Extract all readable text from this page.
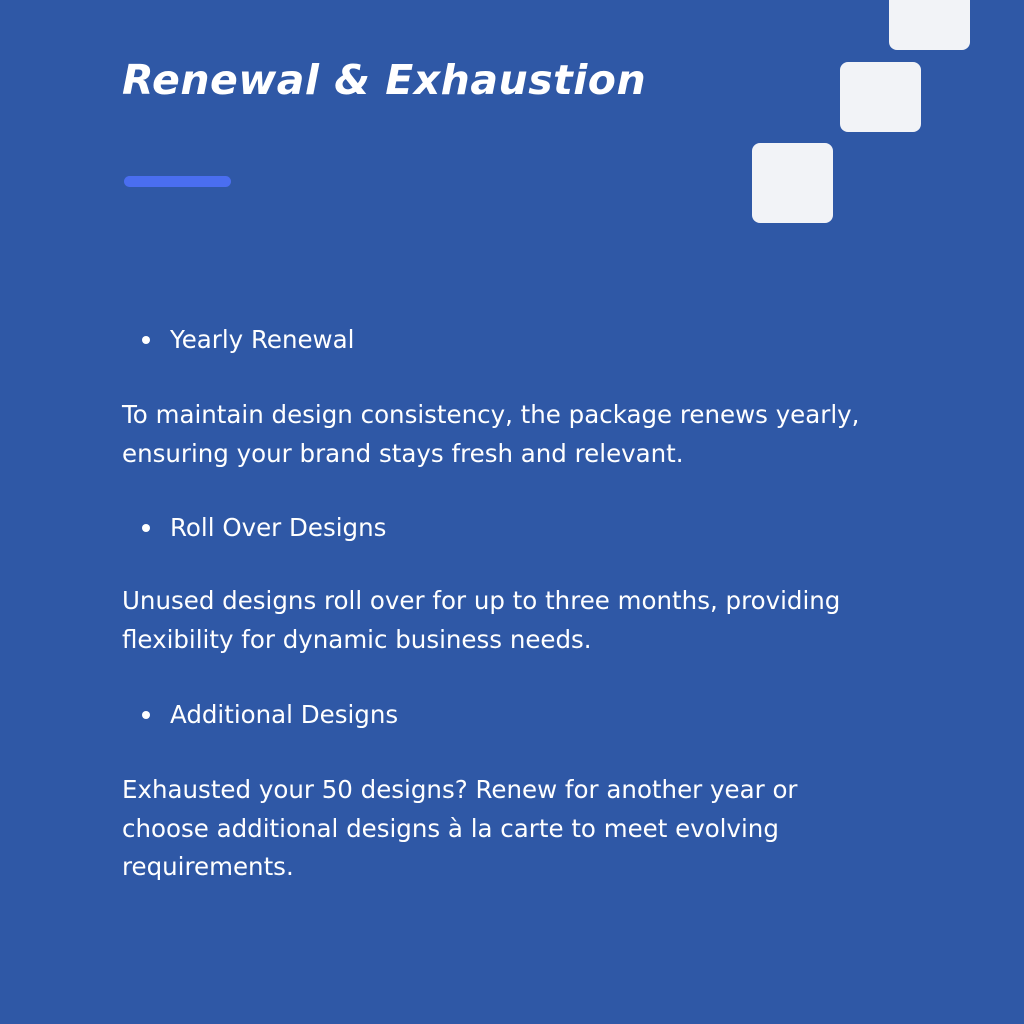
Renewal & Exhaustion

Yearly Renewal

To maintain design consistency, the package renews yearly, ensuring your brand stays fresh and relevant.

Roll Over Designs

Unused designs roll over for up to three months, providing flexibility for dynamic business needs.

Additional Designs

Exhausted your 50 designs? Renew for another year or choose additional designs à la carte to meet evolving requirements.
